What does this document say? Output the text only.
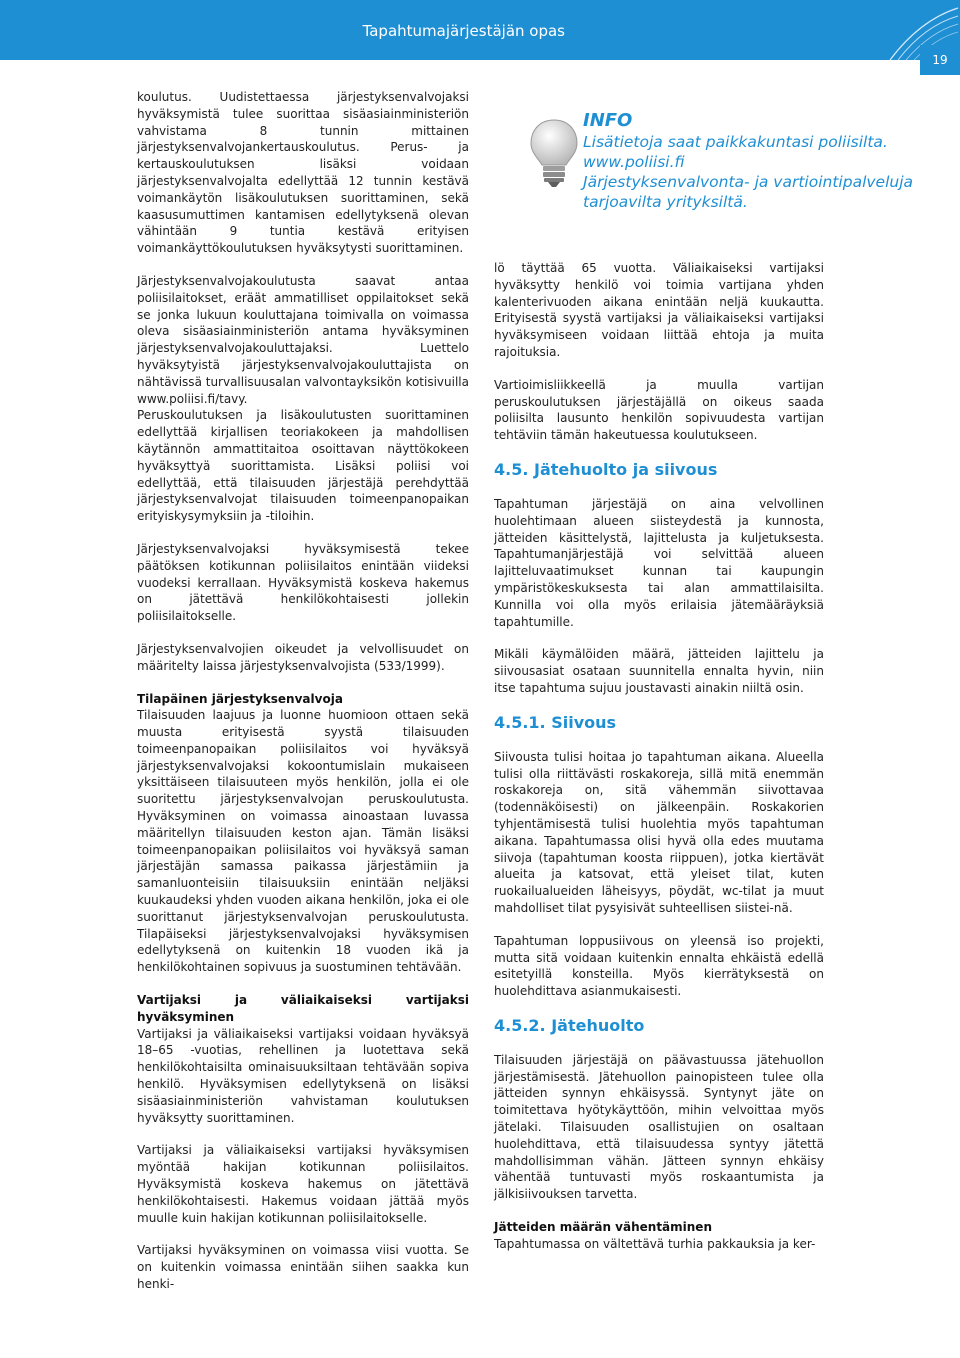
Tapahtumajärjestäjän opas
19

koulutus. Uudistettaessa järjestyksenvalvojaksi hyväksymistä tulee suorittaa sisäasiainministeriön vahvistama 8 tunnin mittainen järjestyksenvalvojankertauskoulutus. Perus- ja kertauskoulutuksen lisäksi voidaan järjestyksenvalvojalta edellyttää 12 tunnin kestävä voimankäytön lisäkoulutuksen suorittaminen, sekä kaasusumuttimen kantamisen edellytyksenä olevan vähintään 9 tuntia kestävä erityisen voimankäyttökoulutuksen hyväksytysti suorittaminen.

Järjestyksenvalvojakoulutusta saavat antaa poliisilaitokset, eräät ammatilliset oppilaitokset sekä se jonka lukuun kouluttajana toimivalla on voimassa oleva sisäasiainministeriön antama hyväksyminen järjestyksenvalvojakouluttajaksi. Luettelo hyväksytyistä järjestyksenvalvojakouluttajista on nähtävissä turvallisuusalan valvontayksikön kotisivuilla www.poliisi.fi/tavy.

Peruskoulutuksen ja lisäkoulutusten suorittaminen edellyttää kirjallisen teoriakokeen ja mahdollisen käytännön ammattitaitoa osoittavan näyttökokeen hyväksyttyä suorittamista. Lisäksi poliisi voi edellyttää, että tilaisuuden järjestäjä perehdyttää järjestyksenvalvojat tilaisuuden toimeenpanopaikan erityiskysymyksiin ja -tiloihin.

Järjestyksenvalvojaksi hyväksymisestä tekee päätöksen kotikunnan poliisilaitos enintään viideksi vuodeksi kerrallaan. Hyväksymistä koskeva hakemus on jätettävä henkilökohtaisesti jollekin poliisilaitokselle.

Järjestyksenvalvojien oikeudet ja velvollisuudet on määritelty laissa järjestyksenvalvojista (533/1999).

Tilapäinen järjestyksenvalvoja

Tilaisuuden laajuus ja luonne huomioon ottaen sekä muusta erityisestä syystä tilaisuuden toimeenpanopaikan poliisilaitos voi hyväksyä järjestyksenvalvojaksi kokoontumislain mukaiseen yksittäiseen tilaisuuteen myös henkilön, jolla ei ole suoritettu järjestyksenvalvojan peruskoulutusta. Hyväksyminen on voimassa ainoastaan luvassa määritellyn tilaisuuden keston ajan. Tämän lisäksi toimeenpanopaikan poliisilaitos voi hyväksyä saman järjestäjän samassa paikassa järjestämiin ja samanluonteisiin tilaisuuksiin enintään neljäksi kuukaudeksi yhden vuoden aikana henkilön, joka ei ole suorittanut järjestyksenvalvojan peruskoulutusta. Tilapäiseksi järjestyksenvalvojaksi hyväksymisen edellytyksenä on kuitenkin 18 vuoden ikä ja henkilökohtainen sopivuus ja suostuminen tehtävään.

Vartijaksi ja väliaikaiseksi vartijaksi hyväksyminen

Vartijaksi ja väliaikaiseksi vartijaksi voidaan hyväksyä 18–65 -vuotias, rehellinen ja luotettava sekä henkilökohtaisilta ominaisuuksiltaan tehtävään sopiva henkilö. Hyväksymisen edellytyksenä on lisäksi sisäasiainministeriön vahvistaman koulutuksen hyväksytty suorittaminen.

Vartijaksi ja väliaikaiseksi vartijaksi hyväksymisen myöntää hakijan kotikunnan poliisilaitos. Hyväksymistä koskeva hakemus on jätettävä henkilökohtaisesti. Hakemus voidaan jättää myös muulle kuin hakijan kotikunnan poliisilaitokselle.

Vartijaksi hyväksyminen on voimassa viisi vuotta. Se on kuitenkin voimassa enintään siihen saakka kun henki-

INFO
Lisätietoja saat paikkakuntasi poliisilta.
www.poliisi.fi
Järjestyksenvalvonta- ja vartiointipalveluja
tarjoavilta yrityksiltä.

lö täyttää 65 vuotta. Väliaikaiseksi vartijaksi hyväksytty henkilö voi toimia vartijana yhden kalenterivuoden aikana enintään neljä kuukautta. Erityisestä syystä vartijaksi ja väliaikaiseksi vartijaksi hyväksymiseen voidaan liittää ehtoja ja muita rajoituksia.

Vartioimisliikkeellä ja muulla vartijan peruskoulutuksen järjestäjällä on oikeus saada poliisilta lausunto henkilön sopivuudesta vartijan tehtäviin tämän hakeutuessa koulutukseen.

4.5. Jätehuolto ja siivous

Tapahtuman järjestäjä on aina velvollinen huolehtimaan alueen siisteydestä ja kunnosta, jätteiden käsittelystä, lajittelusta ja kuljetuksesta. Tapahtumanjärjestäjä voi selvittää alueen lajitteluvaatimukset kunnan tai kaupungin ympäristökeskuksesta tai alan ammattilaisilta. Kunnilla voi olla myös erilaisia jätemääräyksiä tapahtumille.

Mikäli käymälöiden määrä, jätteiden lajittelu ja siivousasiat osataan suunnitella ennalta hyvin, niin itse tapahtuma sujuu joustavasti ainakin niiltä osin.

4.5.1. Siivous

Siivousta tulisi hoitaa jo tapahtuman aikana. Alueella tulisi olla riittävästi roskakoreja, sillä mitä enemmän roskakoreja on, sitä vähemmän siivottavaa (todennäköisesti) on jälkeenpäin. Roskakorien tyhjentämisestä tulisi huolehtia myös tapahtuman aikana. Tapahtumassa olisi hyvä olla edes muutama siivoja (tapahtuman koosta riippuen), jotka kiertävät alueita ja katsovat, että yleiset tilat, kuten ruokailualueiden läheisyys, pöydät, wc-tilat ja muut mahdolliset tilat pysyisivät suhteellisen siistei-nä.

Tapahtuman loppusiivous on yleensä iso projekti, mutta sitä voidaan kuitenkin ennalta ehkäistä edellä esitetyillä konsteilla. Myös kierrätyksestä on huolehdittava asianmukaisesti.

4.5.2. Jätehuolto

Tilaisuuden järjestäjä on päävastuussa jätehuollon järjestämisestä. Jätehuollon painopisteen tulee olla jätteiden synnyn ehkäisyssä. Syntynyt jäte on toimitettava hyötykäyttöön, mihin velvoittaa myös jätelaki. Tilaisuuden osallistujien on osaltaan huolehdittava, että tilaisuudessa syntyy jätettä mahdollisimman vähän. Jätteen synnyn ehkäisy vähentää tuntuvasti myös roskaantumista ja jälkisiivouksen tarvetta.

Jätteiden määrän vähentäminen

Tapahtumassa on vältettävä turhia pakkauksia ja ker-
